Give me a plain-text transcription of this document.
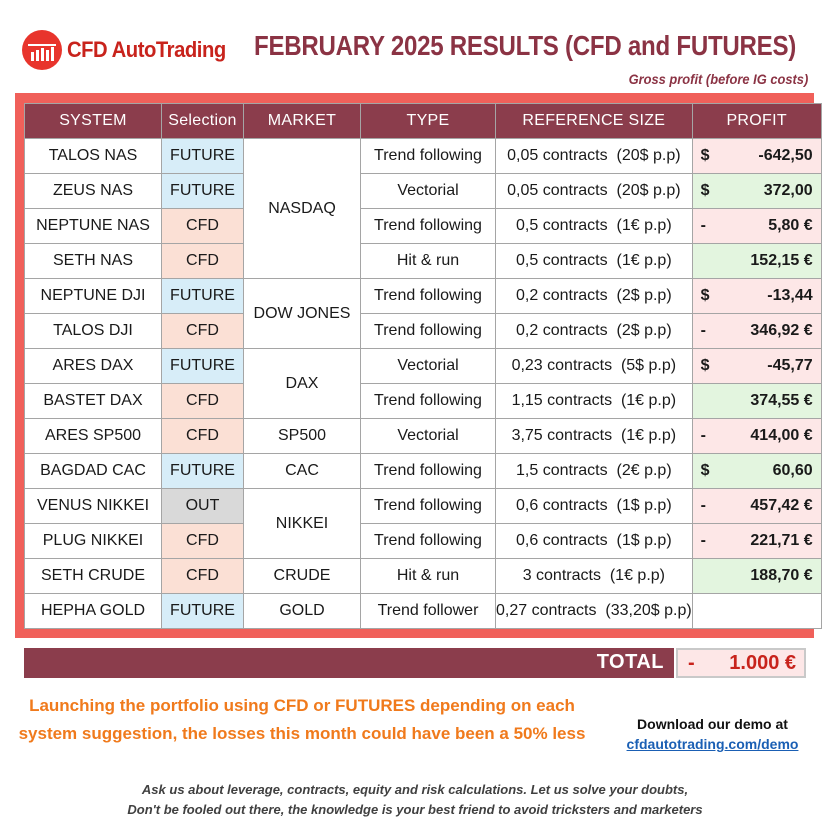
CFD AutoTrading FEBRUARY 2025 RESULTS (CFD and FUTURES)
Gross profit (before IG costs)
SYSTEM	Selection	MARKET	TYPE	REFERENCE SIZE	PROFIT
TALOS NAS	FUTURE	NASDAQ	Trend following	0,05 contracts (20$ p.p)	$ -642,50

ZEUS NAS	FUTURE		Vectorial	0,05 contracts (20$ p.p)	$ 372,00

NEPTUNE NAS	CFD		Trend following	0,5 contracts (1€ p.p)	- 5,80 €

SETH NAS	CFD		Hit & run	0,5 contracts (1€ p.p)	152,15 €

NEPTUNE DJI	FUTURE	DOW JONES	Trend following	0,2 contracts (2$ p.p)	$ -13,44

TALOS DJI	CFD		Trend following	0,2 contracts (2$ p.p)	- 346,92 €

ARES DAX	FUTURE	DAX	Vectorial	0,23 contracts (5$ p.p)	$ -45,77

BASTET DAX	CFD		Trend following	1,15 contracts (1€ p.p)	374,55 €

ARES SP500	CFD	SP500	Vectorial	3,75 contracts (1€ p.p)	- 414,00 €

BAGDAD CAC	FUTURE	CAC	Trend following	1,5 contracts (2€ p.p)	$ 60,60

VENUS NIKKEI	OUT	NIKKEI	Trend following	0,6 contracts (1$ p.p)	- 457,42 €

PLUG NIKKEI	CFD		Trend following	0,6 contracts (1$ p.p)	- 221,71 €

SETH CRUDE	CFD	CRUDE	Hit & run	3 contracts (1€ p.p)	188,70 €

HEPHA GOLD	FUTURE	GOLD	Trend follower	0,27 contracts (33,20$ p.p)	
TOTAL - 1.000 €
Launching the portfolio using CFD or FUTURES depending on each system suggestion, the losses this month could have been a 50% less	Download our demo at
cfdautotrading.com/demo
Ask us about leverage, contracts, equity and risk calculations. Let us solve your doubts,
Don't be fooled out there, the knowledge is your best friend to avoid tricksters and marketers
